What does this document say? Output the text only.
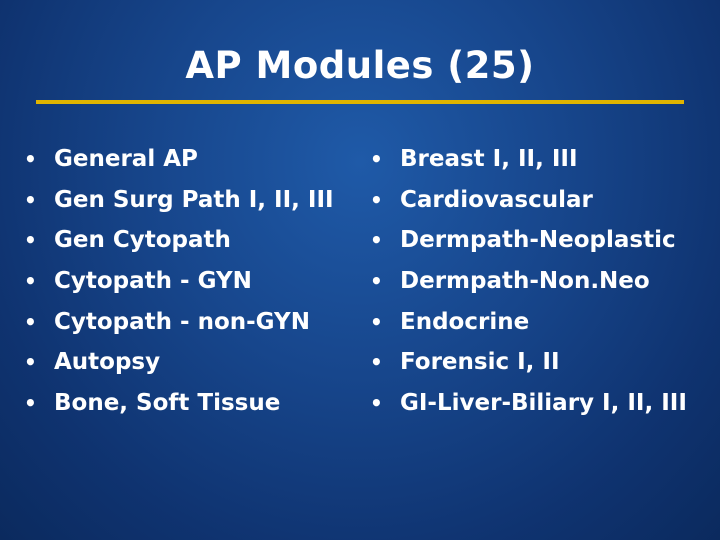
AP Modules (25)
• General AP
• Gen Surg Path I, II, III
• Gen Cytopath
• Cytopath - GYN
• Cytopath - non-GYN
• Autopsy
• Bone, Soft Tissue
• Breast I, II, III
• Cardiovascular
• Dermpath-Neoplastic
• Dermpath-Non.Neo
• Endocrine
• Forensic I, II
• GI-Liver-Biliary I, II, III
